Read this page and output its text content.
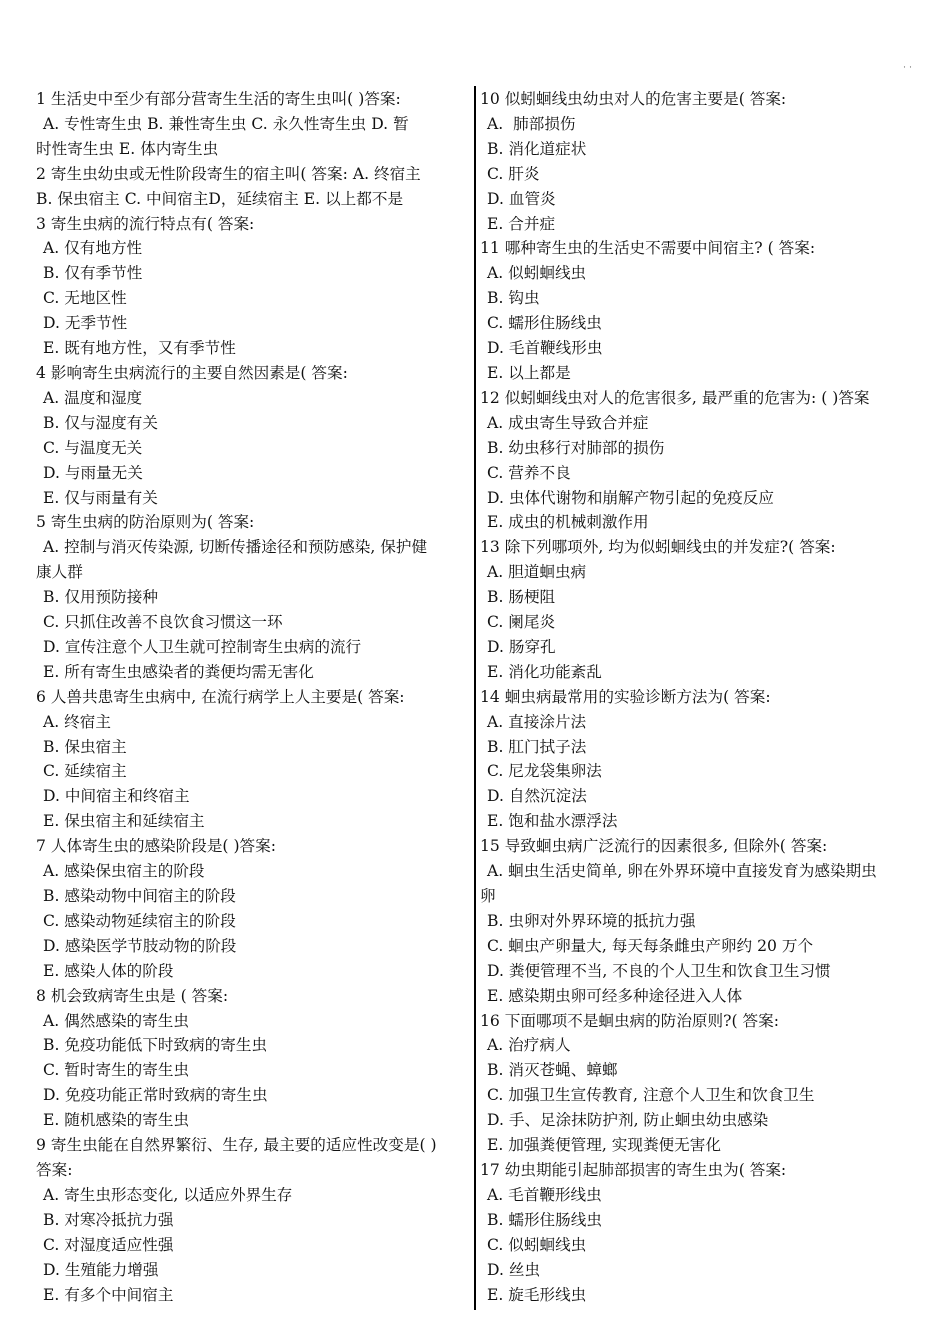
˙˙
1 生活史中至少有部分营寄生生活的寄生虫叫( )答案:
A. 专性寄生虫 B. 兼性寄生虫 C. 永久性寄生虫 D. 暂
时性寄生虫 E. 体内寄生虫
2 寄生虫幼虫或无性阶段寄生的宿主叫( 答案: A. 终宿主
B. 保虫宿主 C. 中间宿主D，延续宿主 E. 以上都不是
3 寄生虫病的流行特点有( 答案:
A. 仅有地方性
B. 仅有季节性
C. 无地区性
D. 无季节性
E. 既有地方性，又有季节性
4 影响寄生虫病流行的主要自然因素是( 答案:
A. 温度和湿度
B. 仅与湿度有关
C. 与温度无关
D. 与雨量无关
E. 仅与雨量有关
5 寄生虫病的防治原则为( 答案:
A. 控制与消灭传染源, 切断传播途径和预防感染, 保护健
康人群
B. 仅用预防接种
C. 只抓住改善不良饮食习惯这一环
D. 宣传注意个人卫生就可控制寄生虫病的流行
E. 所有寄生虫感染者的粪便均需无害化
6 人兽共患寄生虫病中, 在流行病学上人主要是( 答案:
A. 终宿主
B. 保虫宿主
C. 延续宿主
D. 中间宿主和终宿主
E. 保虫宿主和延续宿主
7 人体寄生虫的感染阶段是( )答案:
A. 感染保虫宿主的阶段
B. 感染动物中间宿主的阶段
C. 感染动物延续宿主的阶段
D. 感染医学节肢动物的阶段
E. 感染人体的阶段
8 机会致病寄生虫是 ( 答案:
A. 偶然感染的寄生虫
B. 免疫功能低下时致病的寄生虫
C. 暂时寄生的寄生虫
D. 免疫功能正常时致病的寄生虫
E. 随机感染的寄生虫
9 寄生虫能在自然界繁衍、生存, 最主要的适应性改变是( )
答案:
A. 寄生虫形态变化, 以适应外界生存
B. 对寒冷抵抗力强
C. 对湿度适应性强
D. 生殖能力增强
E. 有多个中间宿主
10 似蚓蛔线虫幼虫对人的危害主要是( 答案:
A.  肺部损伤
B. 消化道症状
C. 肝炎
D. 血管炎
E. 合并症
11 哪种寄生虫的生活史不需要中间宿主? ( 答案:
A. 似蚓蛔线虫
B. 钩虫
C. 蠕形住肠线虫
D. 毛首鞭线形虫
E. 以上都是
12 似蚓蛔线虫对人的危害很多, 最严重的危害为: ( )答案
A. 成虫寄生导致合并症
B. 幼虫移行对肺部的损伤
C. 营养不良
D. 虫体代谢物和崩解产物引起的免疫反应
E. 成虫的机械刺激作用
13 除下列哪项外, 均为似蚓蛔线虫的并发症?( 答案:
A. 胆道蛔虫病
B. 肠梗阻
C. 阑尾炎
D. 肠穿孔
E. 消化功能紊乱
14 蛔虫病最常用的实验诊断方法为( 答案:
A. 直接涂片法
B. 肛门拭子法
C. 尼龙袋集卵法
D. 自然沉淀法
E. 饱和盐水漂浮法
15 导致蛔虫病广泛流行的因素很多, 但除外( 答案:
A. 蛔虫生活史简单, 卵在外界环境中直接发育为感染期虫
卵
B. 虫卵对外界环境的抵抗力强
C. 蛔虫产卵量大, 每天每条雌虫产卵约 20 万个
D. 粪便管理不当, 不良的个人卫生和饮食卫生习惯
E. 感染期虫卵可经多种途径进入人体
16 下面哪项不是蛔虫病的防治原则?( 答案:
A. 治疗病人
B. 消灭苍蝇、蟑螂
C. 加强卫生宣传教育, 注意个人卫生和饮食卫生
D. 手、足涂抹防护剂, 防止蛔虫幼虫感染
E. 加强粪便管理, 实现粪便无害化
17 幼虫期能引起肺部损害的寄生虫为( 答案:
A. 毛首鞭形线虫
B. 蠕形住肠线虫
C. 似蚓蛔线虫
D. 丝虫
E. 旋毛形线虫
